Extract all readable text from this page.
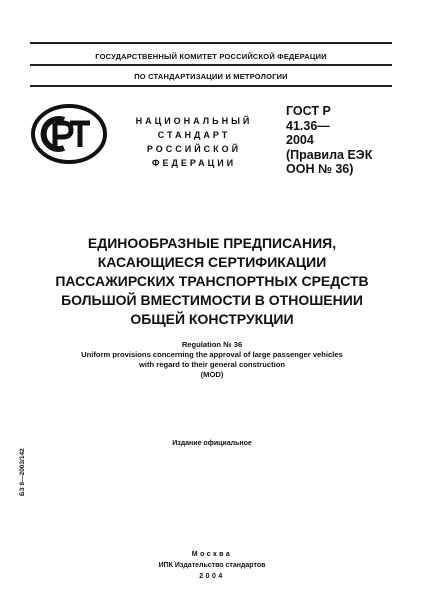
ГОСУДАРСТВЕННЫЙ КОМИТЕТ РОССИЙСКОЙ ФЕДЕРАЦИИ
ПО СТАНДАРТИЗАЦИИ И МЕТРОЛОГИИ
НАЦИОНАЛЬНЫЙ
СТАНДАРТ
РОССИЙСКОЙ
ФЕДЕРАЦИИ
ГОСТ Р
41.36—
2004
(Правила ЕЭК
ООН № 36)
ЕДИНООБРАЗНЫЕ ПРЕДПИСАНИЯ,
КАСАЮЩИЕСЯ СЕРТИФИКАЦИИ
ПАССАЖИРСКИХ ТРАНСПОРТНЫХ СРЕДСТВ
БОЛЬШОЙ ВМЕСТИМОСТИ В ОТНОШЕНИИ
ОБЩЕЙ КОНСТРУКЦИИ
Regulation № 36
Uniform provisions concerning the approval of large passenger vehicles
with regard to their general construction
(MOD)
Издание официальное
БЗ 8—2003/142
Москва
ИПК Издательство стандартов
2004
